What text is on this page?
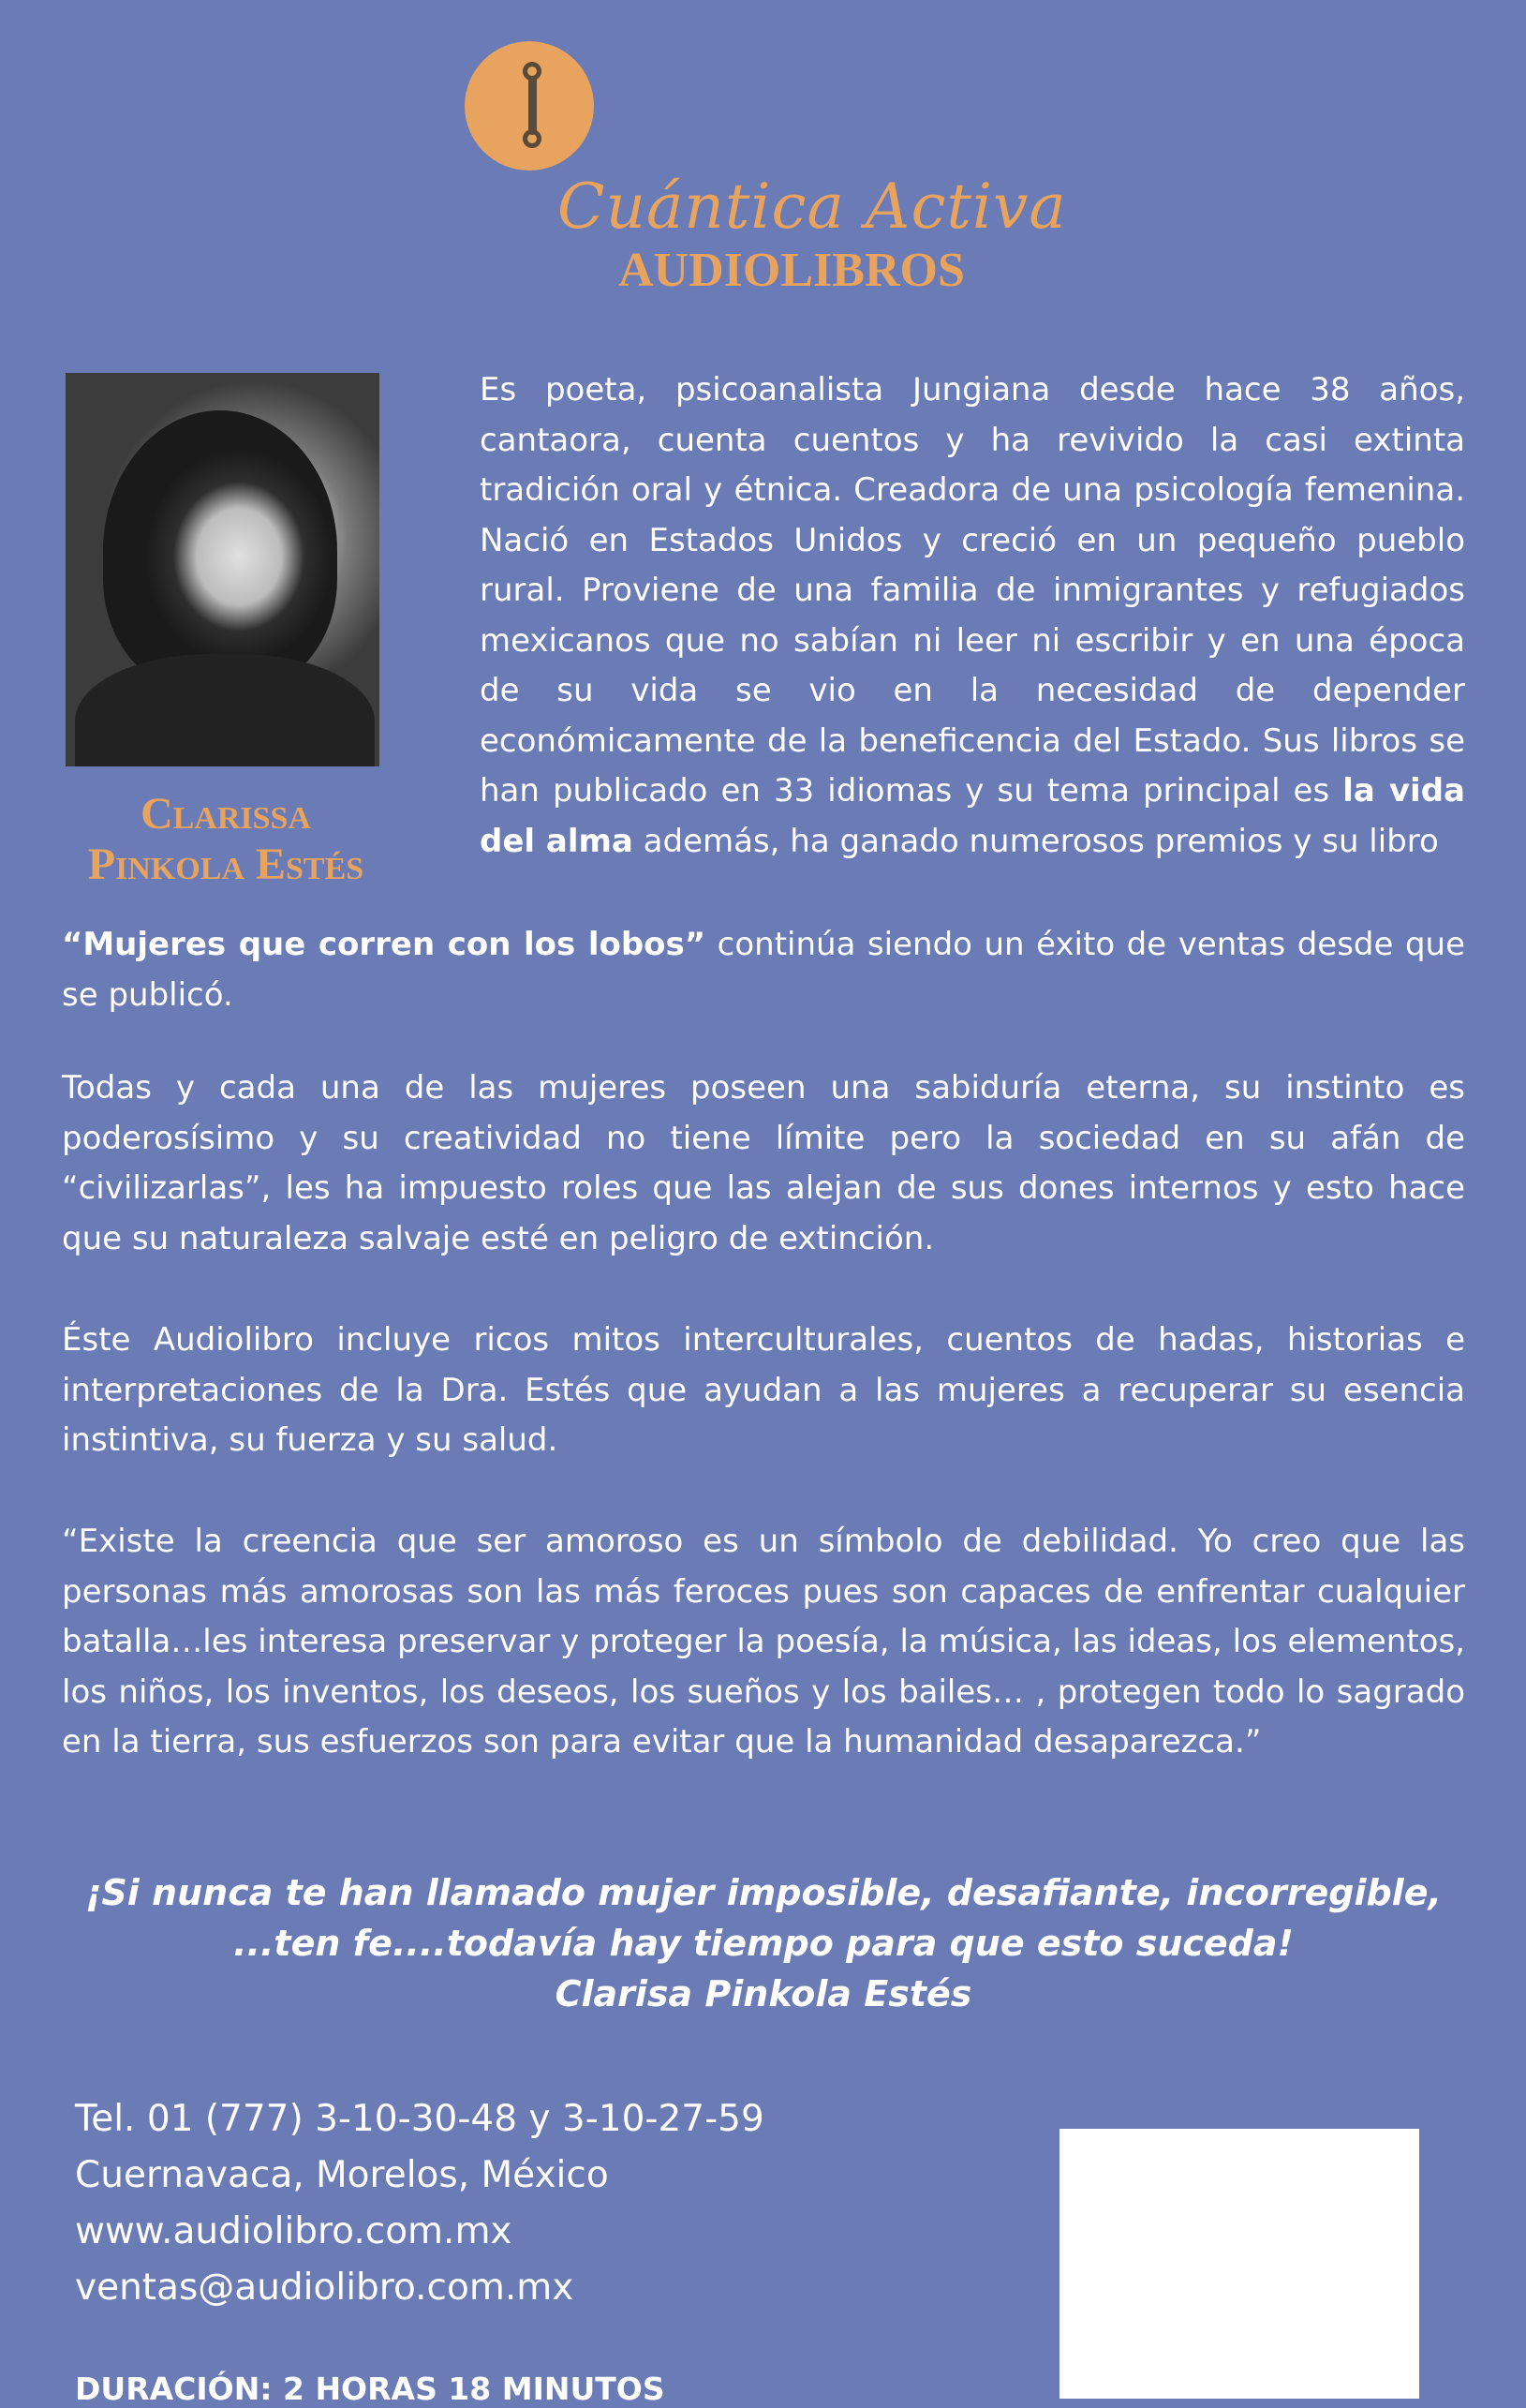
Cuántica Activa
AUDIOLIBROS
Clarissa
Pinkola Estés

Es poeta, psicoanalista Jungiana desde hace 38 años, cantaora, cuenta cuentos y ha revivido la casi extinta tradición oral y étnica. Creadora de una psicología femenina. Nació en Estados Unidos y creció en un pequeño pueblo rural. Proviene de una familia de inmigrantes y refugiados mexicanos que no sabían ni leer ni escribir y en una época de su vida se vio en la necesidad de depender económicamente de la beneficencia del Estado. Sus libros se han publicado en 33 idiomas y su tema principal es la vida del alma además, ha ganado numerosos premios y su libro

“Mujeres que corren con los lobos” continúa siendo un éxito de ventas desde que se publicó.

Todas y cada una de las mujeres poseen una sabiduría eterna, su instinto es poderosísimo y su creatividad no tiene límite pero la sociedad en su afán de “civilizarlas”, les ha impuesto roles que las alejan de sus dones internos y esto hace que su naturaleza salvaje esté en peligro de extinción.

Éste Audiolibro incluye ricos mitos interculturales, cuentos de hadas, historias e interpretaciones de la Dra. Estés que ayudan a las mujeres a recuperar su esencia instintiva, su fuerza y su salud.

“Existe la creencia que ser amoroso es un símbolo de debilidad. Yo creo que las personas más amorosas son las más feroces pues son capaces de enfrentar cualquier batalla…les interesa preservar y proteger la poesía, la música, las ideas, los elementos, los niños, los inventos, los deseos, los sueños y los bailes… , protegen todo lo sagrado en la tierra, sus esfuerzos son para evitar que la humanidad desaparezca.”

¡Si nunca te han llamado mujer imposible, desafiante, incorregible,
...ten fe....todavía hay tiempo para que esto suceda!
Clarisa Pinkola Estés
Tel. 01 (777) 3-10-30-48 y 3-10-27-59
Cuernavaca, Morelos, México
www.audiolibro.com.mx
ventas@audiolibro.com.mx
DURACIÓN: 2 HORAS 18 MINUTOS
